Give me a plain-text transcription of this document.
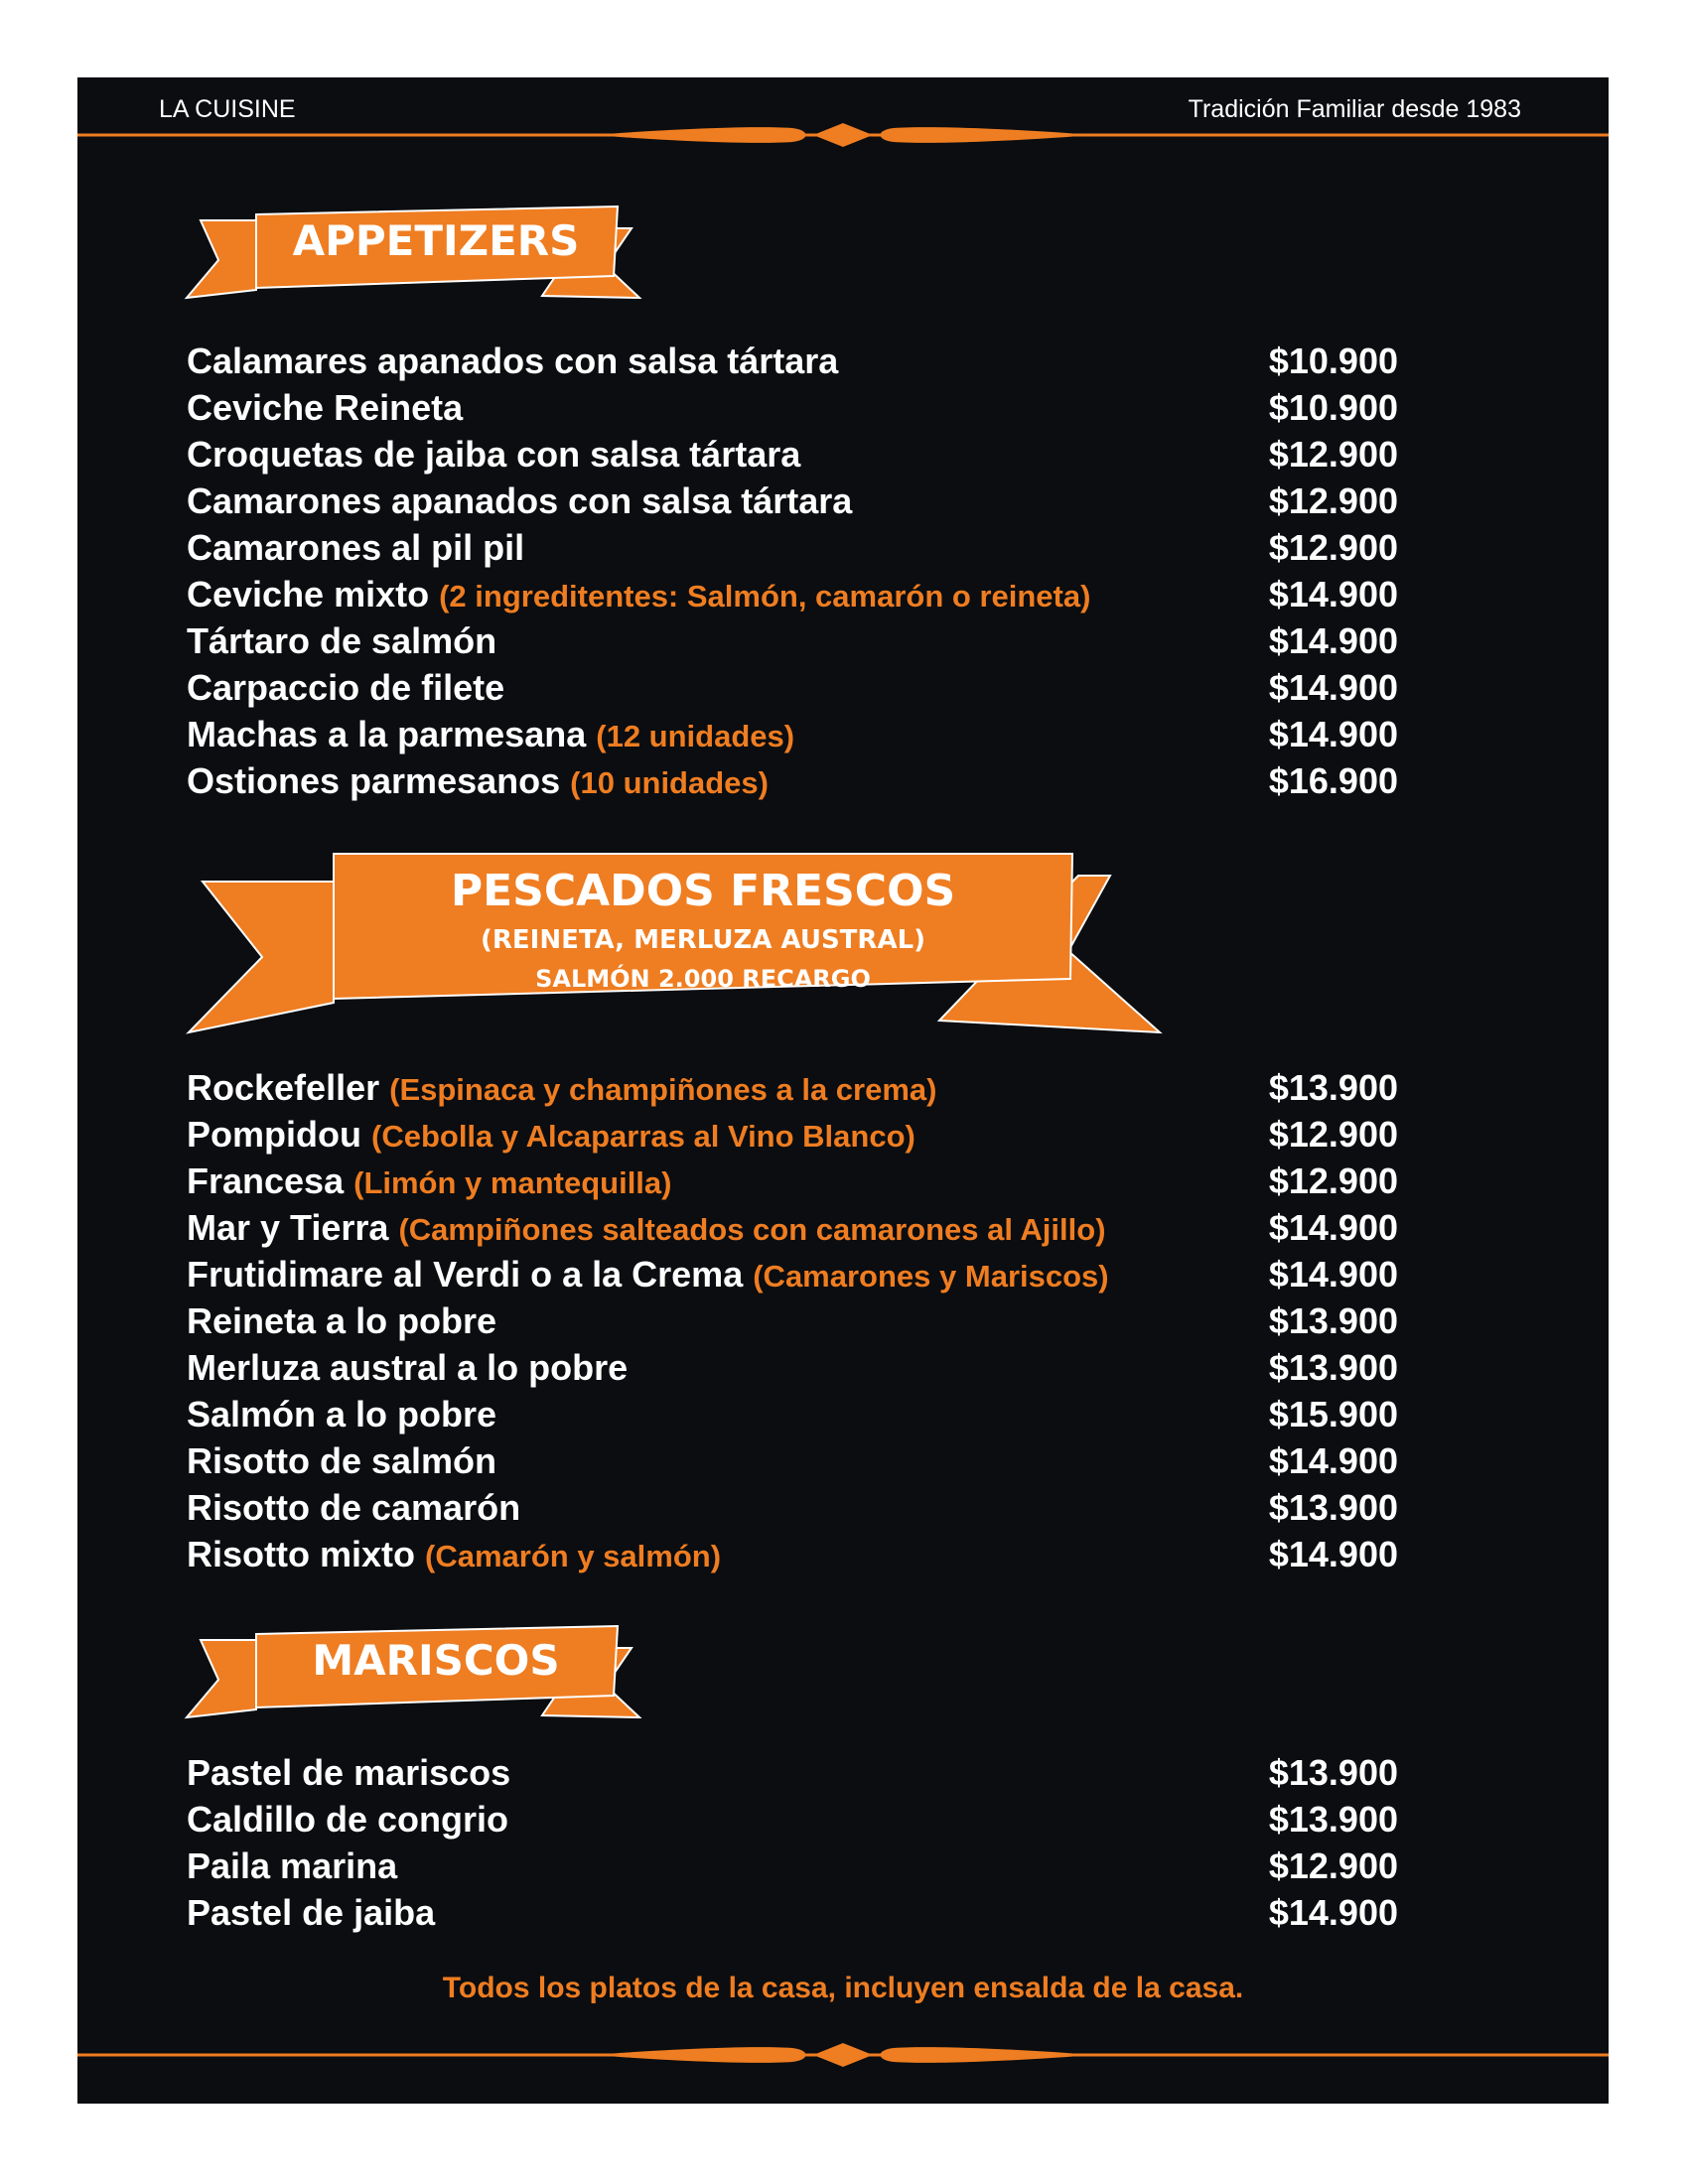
LA CUISINE	Tradición Familiar desde 1983
APPETIZERS
Calamares apanados con salsa tártara	$10.900
Ceviche Reineta	$10.900
Croquetas de jaiba con salsa tártara	$12.900
Camarones apanados con salsa tártara	$12.900
Camarones al pil pil	$12.900
Ceviche mixto (2 ingreditentes: Salmón, camarón o reineta)	$14.900
Tártaro de salmón	$14.900
Carpaccio de filete	$14.900
Machas a la parmesana (12 unidades)	$14.900
Ostiones parmesanos (10 unidades)	$16.900
PESCADOS FRESCOS
(REINETA, MERLUZA AUSTRAL)
SALMÓN 2.000 RECARGO
Rockefeller (Espinaca y champiñones a la crema)	$13.900
Pompidou (Cebolla y Alcaparras al Vino Blanco)	$12.900
Francesa (Limón y mantequilla)	$12.900
Mar y Tierra (Campiñones salteados con camarones al Ajillo)	$14.900
Frutidimare al Verdi o a la Crema (Camarones y Mariscos)	$14.900
Reineta a lo pobre	$13.900
Merluza austral a lo pobre	$13.900
Salmón a lo pobre	$15.900
Risotto de salmón	$14.900
Risotto de camarón	$13.900
Risotto mixto (Camarón y salmón)	$14.900
MARISCOS
Pastel de mariscos	$13.900
Caldillo de congrio	$13.900
Paila marina	$12.900
Pastel de jaiba	$14.900
Todos los platos de la casa, incluyen ensalda de la casa.
